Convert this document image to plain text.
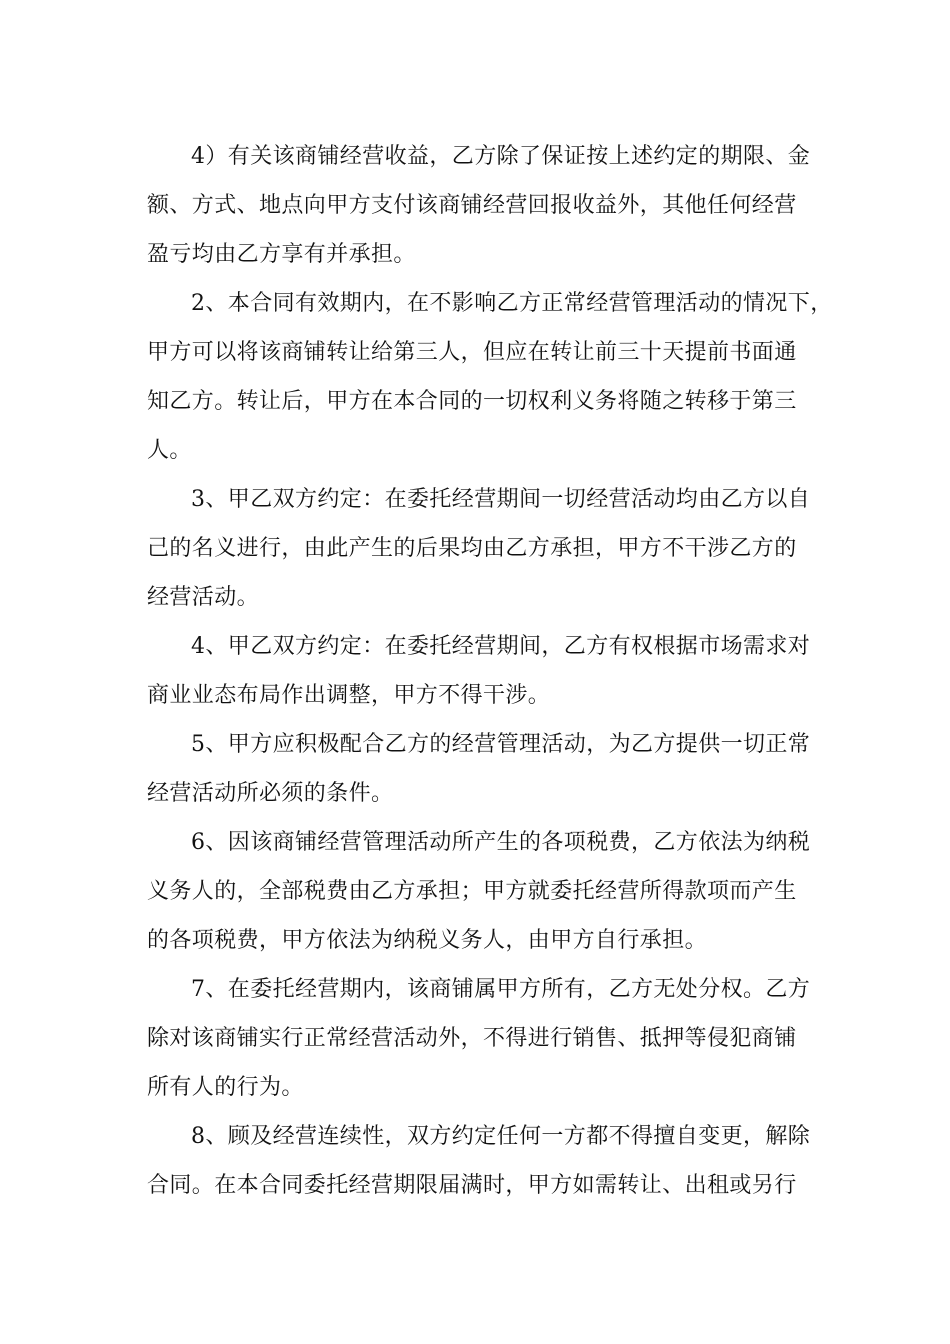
4）有关该商铺经营收益，乙方除了保证按上述约定的期限、金
额、方式、地点向甲方支付该商铺经营回报收益外，其他任何经营
盈亏均由乙方享有并承担。

2、本合同有效期内，在不影响乙方正常经营管理活动的情况下，
甲方可以将该商铺转让给第三人，但应在转让前三十天提前书面通
知乙方。转让后，甲方在本合同的一切权利义务将随之转移于第三
人。

3、甲乙双方约定：在委托经营期间一切经营活动均由乙方以自
己的名义进行，由此产生的后果均由乙方承担，甲方不干涉乙方的
经营活动。

4、甲乙双方约定：在委托经营期间，乙方有权根据市场需求对
商业业态布局作出调整，甲方不得干涉。

5、甲方应积极配合乙方的经营管理活动，为乙方提供一切正常
经营活动所必须的条件。

6、因该商铺经营管理活动所产生的各项税费，乙方依法为纳税
义务人的，全部税费由乙方承担；甲方就委托经营所得款项而产生
的各项税费，甲方依法为纳税义务人，由甲方自行承担。

7、在委托经营期内，该商铺属甲方所有，乙方无处分权。乙方
除对该商铺实行正常经营活动外，不得进行销售、抵押等侵犯商铺
所有人的行为。

8、顾及经营连续性，双方约定任何一方都不得擅自变更，解除
合同。在本合同委托经营期限届满时，甲方如需转让、出租或另行
